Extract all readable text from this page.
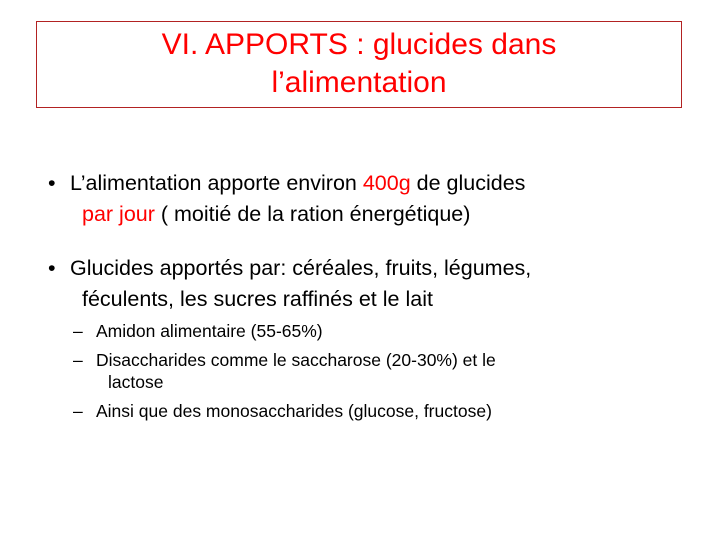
VI. APPORTS : glucides dans
l’alimentation
• L’alimentation apporte environ 400g de glucides
par jour ( moitié de la ration énergétique)
• Glucides apportés par: céréales, fruits, légumes,

féculents, les sucres raffinés et le lait
– Amidon alimentaire (55-65%)
– Disaccharides comme le saccharose (20-30%) et le

lactose
– Ainsi que des monosaccharides (glucose, fructose)
